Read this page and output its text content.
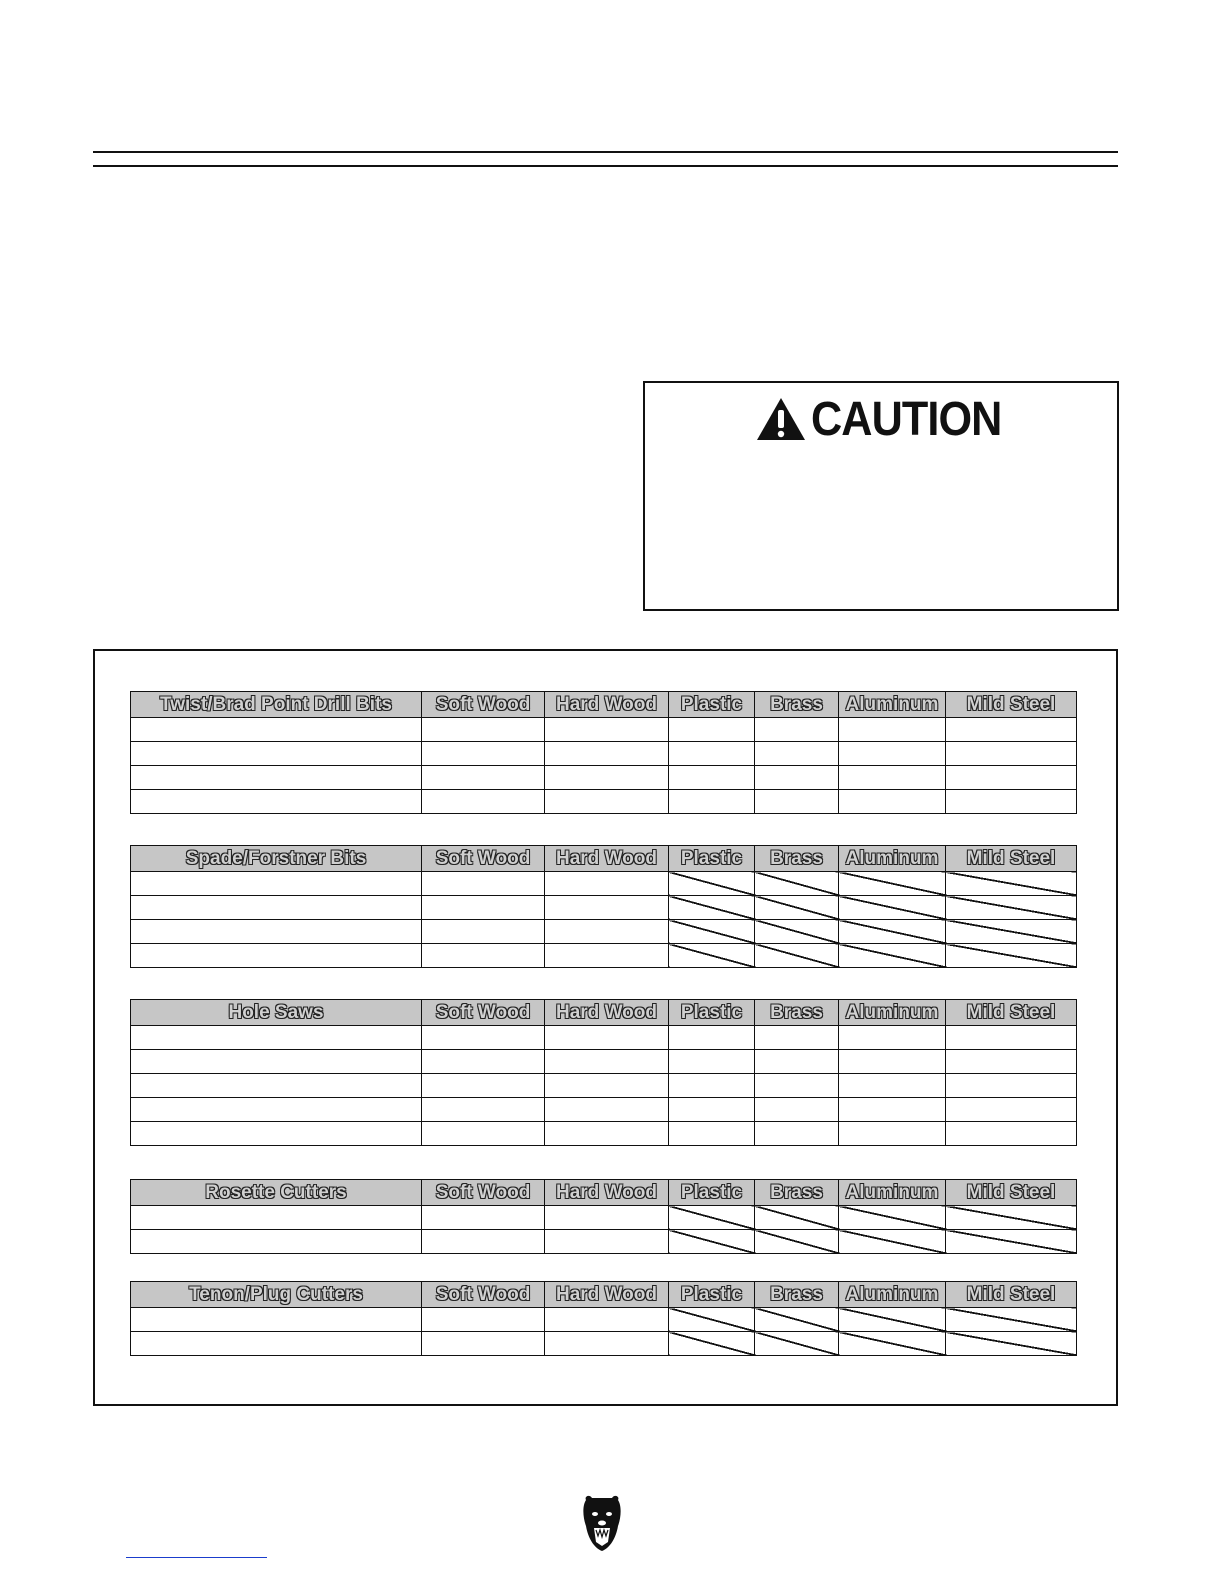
CAUTION
Twist/Brad Point Drill Bits	Soft Wood	Hard Wood	Plastic	Brass	Aluminum	Mild Steel

Spade/Forstner Bits	Soft Wood	Hard Wood	Plastic	Brass	Aluminum	Mild Steel

Hole Saws	Soft Wood	Hard Wood	Plastic	Brass	Aluminum	Mild Steel

Rosette Cutters	Soft Wood	Hard Wood	Plastic	Brass	Aluminum	Mild Steel

Tenon/Plug Cutters	Soft Wood	Hard Wood	Plastic	Brass	Aluminum	Mild Steel
